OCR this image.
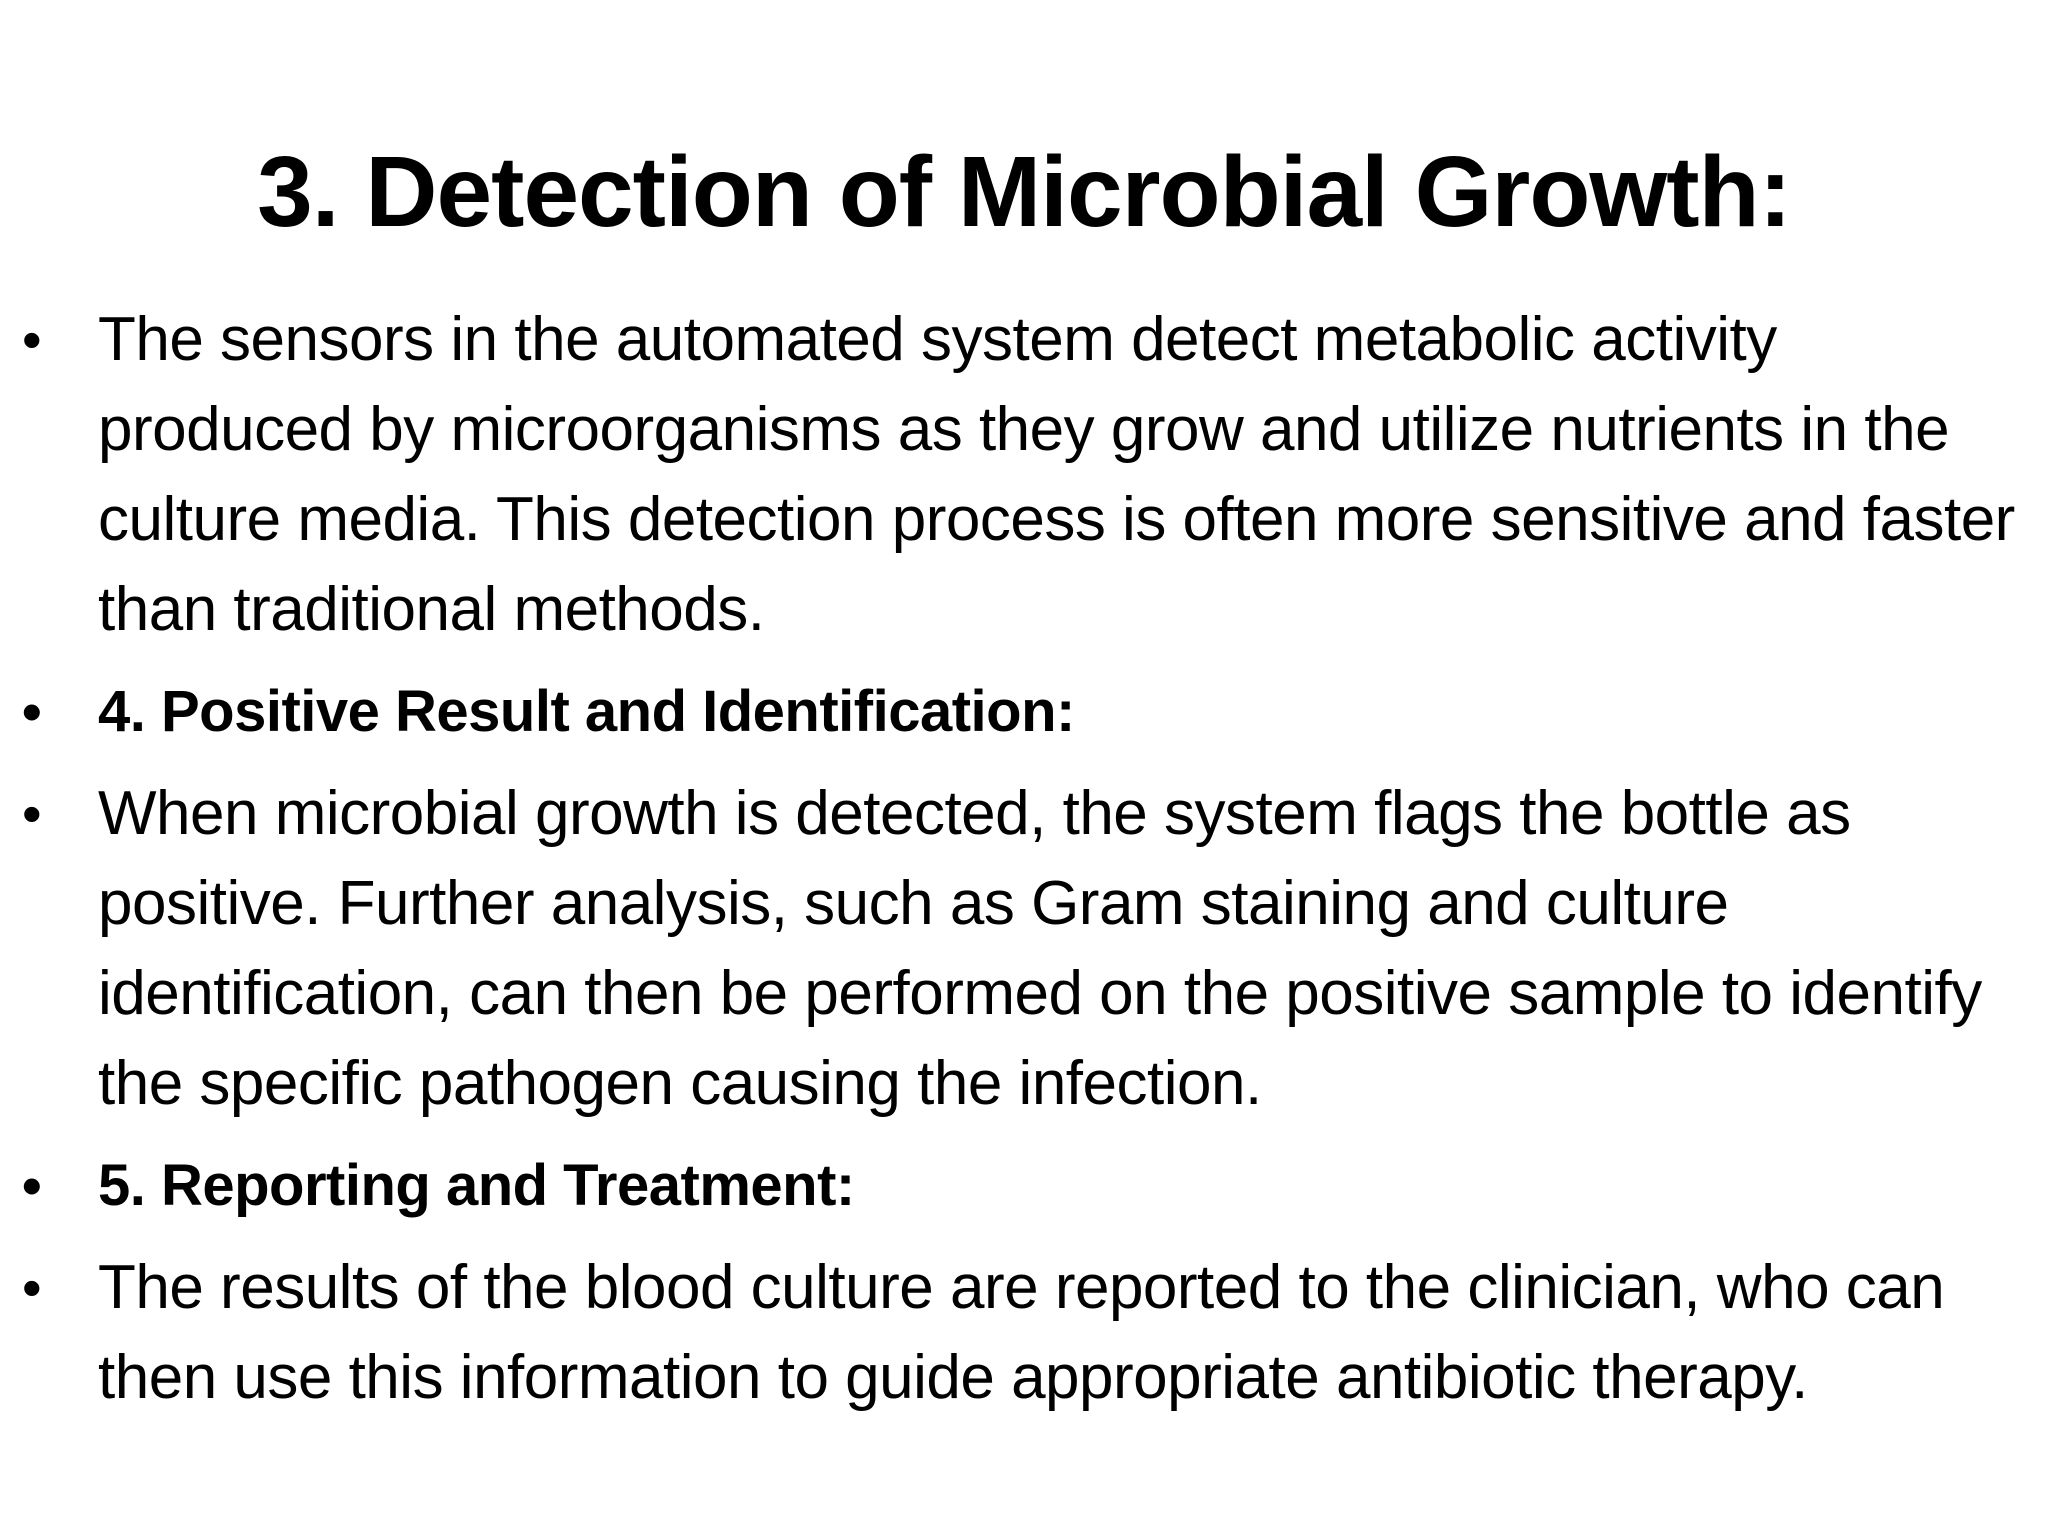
3. Detection of Microbial Growth:
• The sensors in the automated system detect metabolic activity produced by microorganisms as they grow and utilize nutrients in the culture media. This detection process is often more sensitive and faster than traditional methods.
• 4. Positive Result and Identification:
• When microbial growth is detected, the system flags the bottle as positive. Further analysis, such as Gram staining and culture identification, can then be performed on the positive sample to identify the specific pathogen causing the infection.
• 5. Reporting and Treatment:
• The results of the blood culture are reported to the clinician, who can then use this information to guide appropriate antibiotic therapy.
